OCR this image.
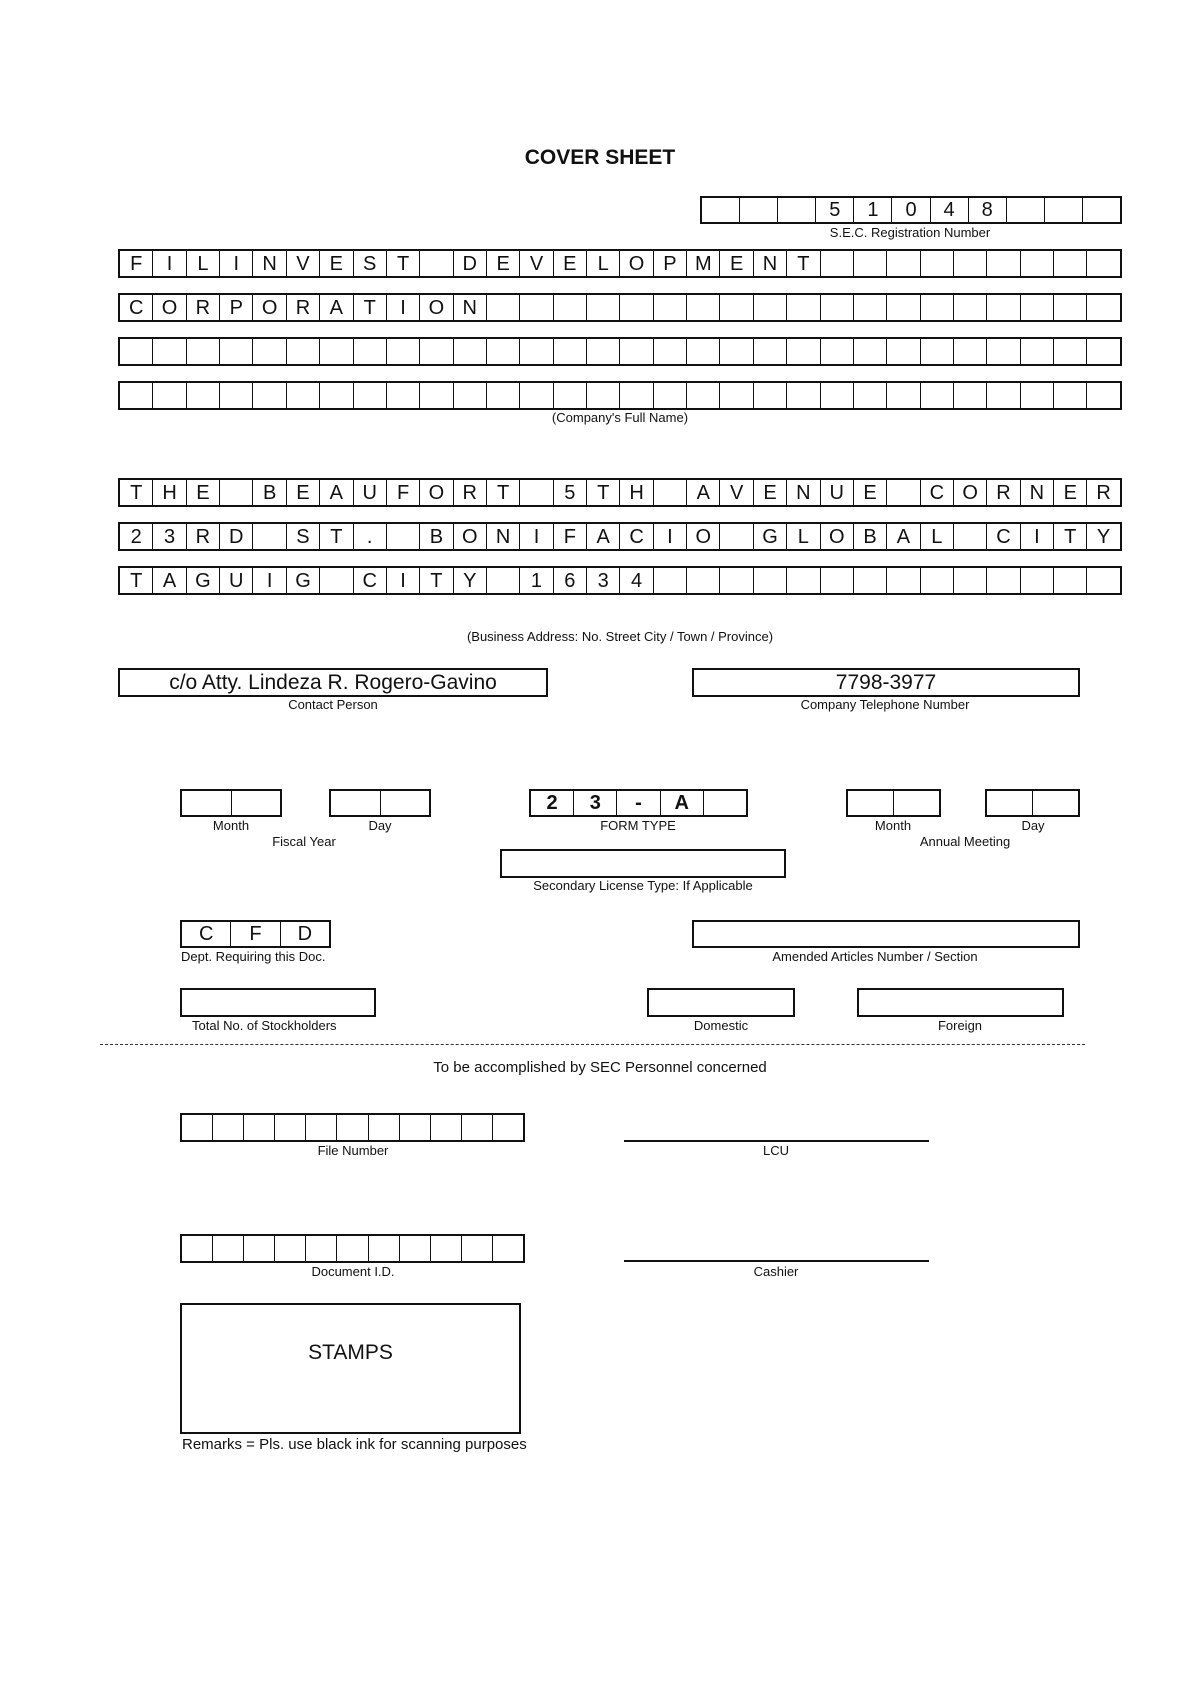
COVER SHEET
5	1	0	4	8
S.E.C. Registration Number
F	I	L	I	N V	E	S	T	D E	V	E	L	O P M E N	T
C O R P O R A	T	I	O N
(Company's Full Name)
T	H E	B	E	A U	F O R	T	5	T	H	A	V	E N U E	C O R N E R
2	3	R D	S	T	.	B O N	I	F	A C	I	O	G	L	O B	A	L	C	I	T	Y
T	A G U	I	G	C	I	T	Y	1	6	3	4
(Business Address: No. Street City / Town / Province)
c/o Atty. Lindeza R. Rogero-Gavino
Contact Person
7798-3977
Company Telephone Number
Month	Day
Fiscal Year
2	3	-	A
FORM TYPE	Month	Day
Annual Meeting
Secondary License Type: If Applicable
C	F	D
Dept. Requiring this Doc.	Amended Articles Number / Section
Total No. of Stockholders	Domestic	Foreign
To be accomplished by SEC Personnel concerned
File Number	LCU
Document I.D.	Cashier
STAMPS
Remarks = Pls. use black ink for scanning purposes
